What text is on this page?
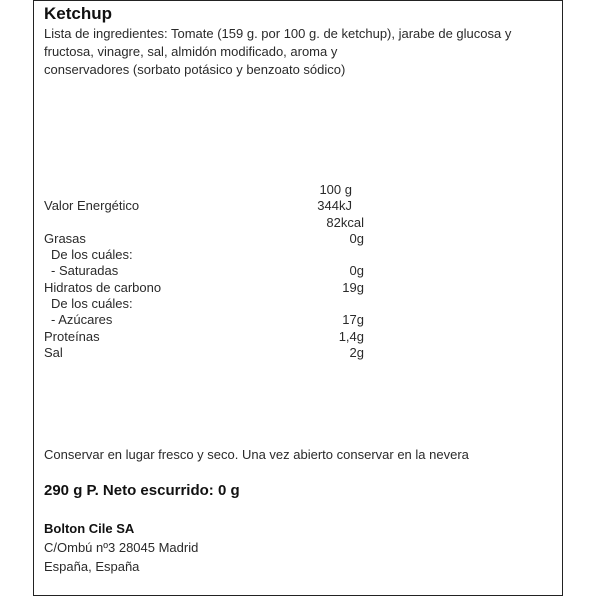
Ketchup
Lista de ingredientes: Tomate (159 g. por 100 g. de ketchup), jarabe de glucosa y
fructosa, vinagre, sal, almidón modificado, aroma y
conservadores (sorbato potásico y benzoato sódico)
100 g
Valor Energético	344kJ
82kcal
Grasas	0g
De los cuáles:
- Saturadas	0g
Hidratos de carbono	19g
De los cuáles:
- Azúcares	17g
Proteínas	1,4g
Sal	2g
Conservar en lugar fresco y seco. Una vez abierto conservar en la nevera
290 g P. Neto escurrido: 0 g
Bolton Cile SA
C/Ombú nº3 28045 Madrid
España, España
